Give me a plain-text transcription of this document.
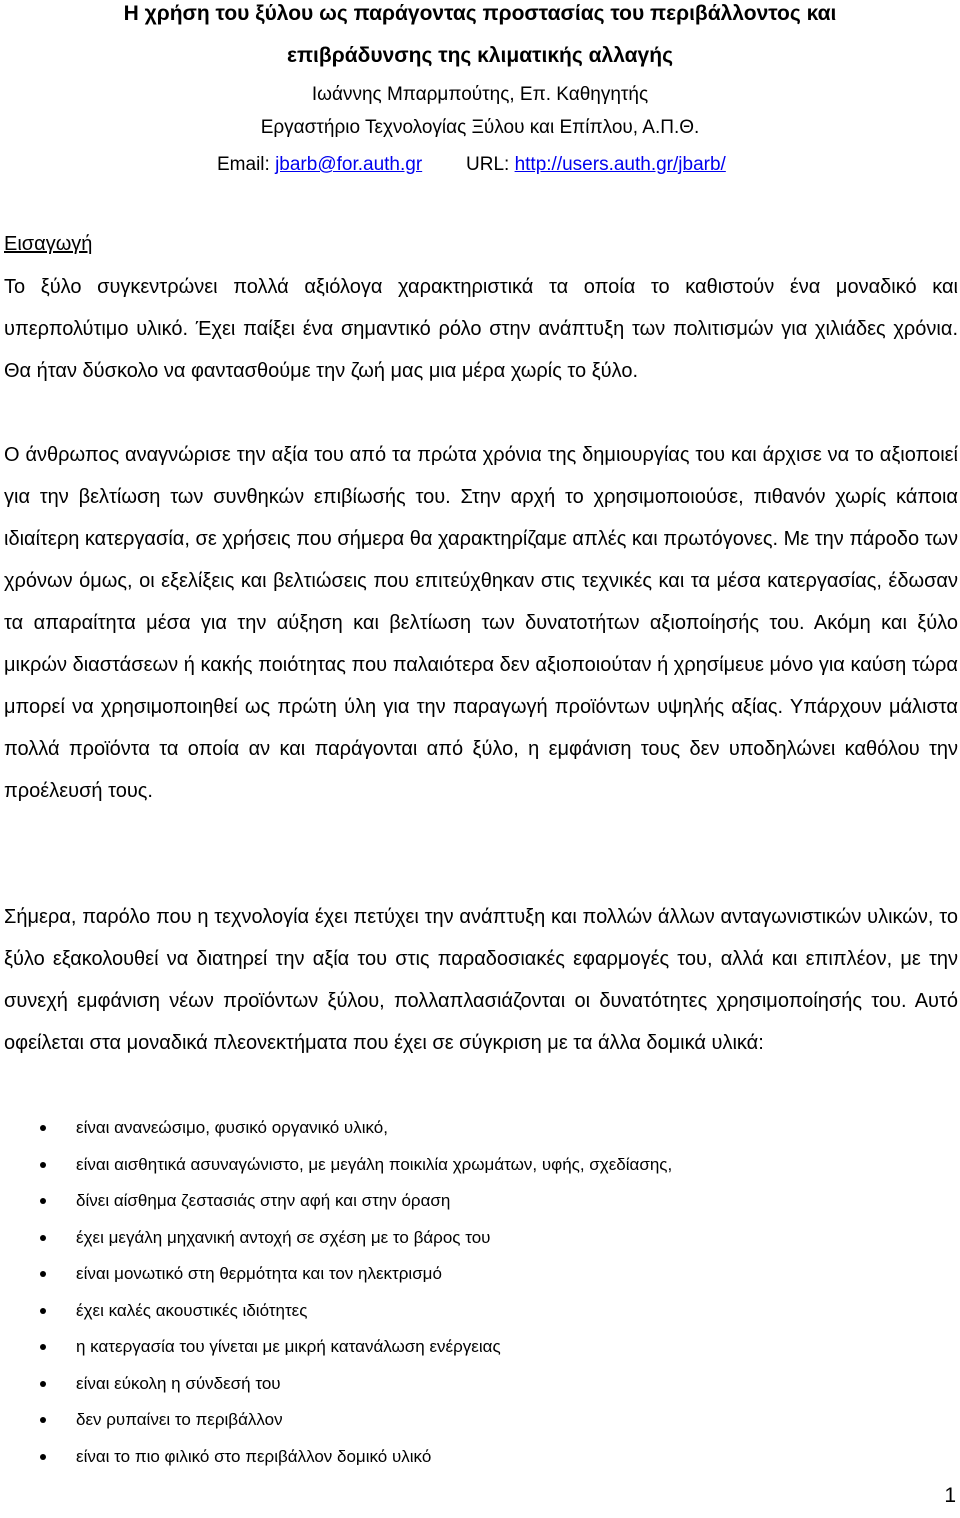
Η χρήση του ξύλου ως παράγοντας προστασίας του περιβάλλοντος και
επιβράδυνσης της κλιματικής αλλαγής
Ιωάννης Μπαρμπούτης, Επ. Καθηγητής
Εργαστήριο Τεχνολογίας Ξύλου και Επίπλου, Α.Π.Θ.
Email: jbarb@for.auth.gr URL: http://users.auth.gr/jbarb/
Εισαγωγή

Το ξύλο συγκεντρώνει πολλά αξιόλογα χαρακτηριστικά τα οποία το καθιστούν ένα μοναδικό και υπερπολύτιμο υλικό. Έχει παίξει ένα σημαντικό ρόλο στην ανάπτυξη των πολιτισμών για χιλιάδες χρόνια. Θα ήταν δύσκολο να φαντασθούμε την ζωή μας μια μέρα χωρίς το ξύλο.

Ο άνθρωπος αναγνώρισε την αξία του από τα πρώτα χρόνια της δημιουργίας του και άρχισε να το αξιοποιεί για την βελτίωση των συνθηκών επιβίωσής του. Στην αρχή το χρησιμοποιούσε, πιθανόν χωρίς κάποια ιδιαίτερη κατεργασία, σε χρήσεις που σήμερα θα χαρακτηρίζαμε απλές και πρωτόγονες. Με την πάροδο των χρόνων όμως, οι εξελίξεις και βελτιώσεις που επιτεύχθηκαν στις τεχνικές και τα μέσα κατεργασίας, έδωσαν τα απαραίτητα μέσα για την αύξηση και βελτίωση των δυνατοτήτων αξιοποίησής του. Ακόμη και ξύλο μικρών διαστάσεων ή κακής ποιότητας που παλαιότερα δεν αξιοποιούταν ή χρησίμευε μόνο για καύση τώρα μπορεί να χρησιμοποιηθεί ως πρώτη ύλη για την παραγωγή προϊόντων υψηλής αξίας. Υπάρχουν μάλιστα πολλά προϊόντα τα οποία αν και παράγονται από ξύλο, η εμφάνιση τους δεν υποδηλώνει καθόλου την προέλευσή τους.

Σήμερα, παρόλο που η τεχνολογία έχει πετύχει την ανάπτυξη και πολλών άλλων ανταγωνιστικών υλικών, το ξύλο εξακολουθεί να διατηρεί την αξία του στις παραδοσιακές εφαρμογές του, αλλά και επιπλέον, με την συνεχή εμφάνιση νέων προϊόντων ξύλου, πολλαπλασιάζονται οι δυνατότητες χρησιμοποίησής του. Αυτό οφείλεται στα μοναδικά πλεονεκτήματα που έχει σε σύγκριση με τα άλλα δομικά υλικά:

είναι ανανεώσιμο, φυσικό οργανικό υλικό,
είναι αισθητικά ασυναγώνιστο, με μεγάλη ποικιλία χρωμάτων, υφής, σχεδίασης,
δίνει αίσθημα ζεστασιάς στην αφή και στην όραση
έχει μεγάλη μηχανική αντοχή σε σχέση με το βάρος του
είναι μονωτικό στη θερμότητα και τον ηλεκτρισμό
έχει καλές ακουστικές ιδιότητες
η κατεργασία του γίνεται με μικρή κατανάλωση ενέργειας
είναι εύκολη η σύνδεσή του
δεν ρυπαίνει το περιβάλλον
είναι το πιο φιλικό στο περιβάλλον δομικό υλικό
1
